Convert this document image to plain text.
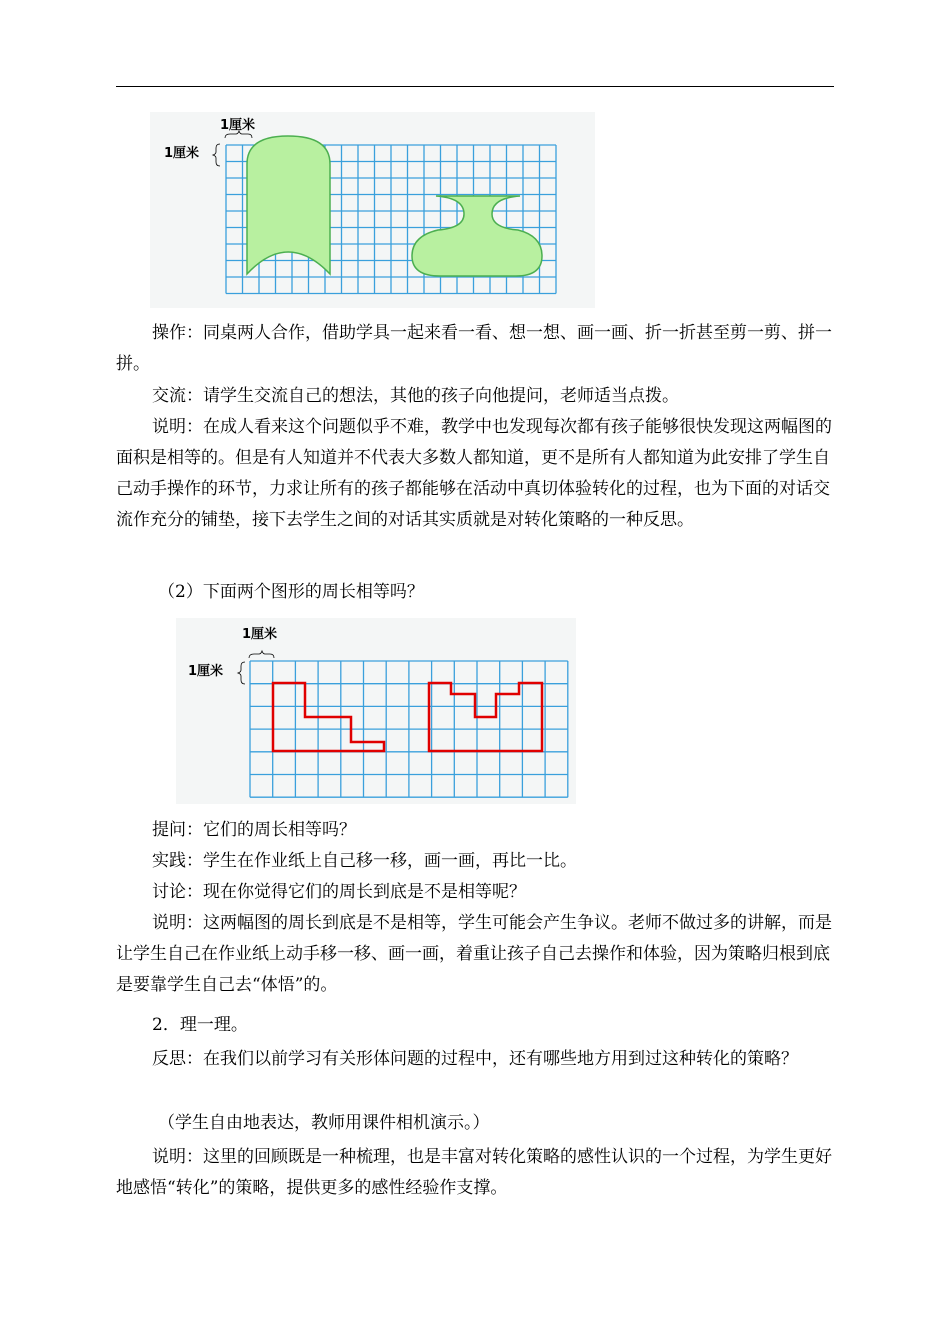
1厘米
1厘米

操作：同桌两人合作，借助学具一起来看一看、想一想、画一画、折一折甚至剪一剪、拼一拼。

交流：请学生交流自己的想法，其他的孩子向他提问，老师适当点拨。

说明：在成人看来这个问题似乎不难，教学中也发现每次都有孩子能够很快发现这两幅图的面积是相等的。但是有人知道并不代表大多数人都知道，更不是所有人都知道为此安排了学生自己动手操作的环节，力求让所有的孩子都能够在活动中真切体验转化的过程，也为下面的对话交流作充分的铺垫，接下去学生之间的对话其实质就是对转化策略的一种反思。

（2）下面两个图形的周长相等吗？
1厘米
1厘米
提问：它们的周长相等吗？
实践：学生在作业纸上自己移一移，画一画，再比一比。
讨论：现在你觉得它们的周长到底是不是相等呢？

说明：这两幅图的周长到底是不是相等，学生可能会产生争议。老师不做过多的讲解，而是让学生自己在作业纸上动手移一移、画一画，着重让孩子自己去操作和体验，因为策略归根到底是要靠学生自己去“体悟”的。

2．理一理。

反思：在我们以前学习有关形体问题的过程中，还有哪些地方用到过这种转化的策略？

（学生自由地表达，教师用课件相机演示。）

说明：这里的回顾既是一种梳理，也是丰富对转化策略的感性认识的一个过程，为学生更好地感悟“转化”的策略，提供更多的感性经验作支撑。
